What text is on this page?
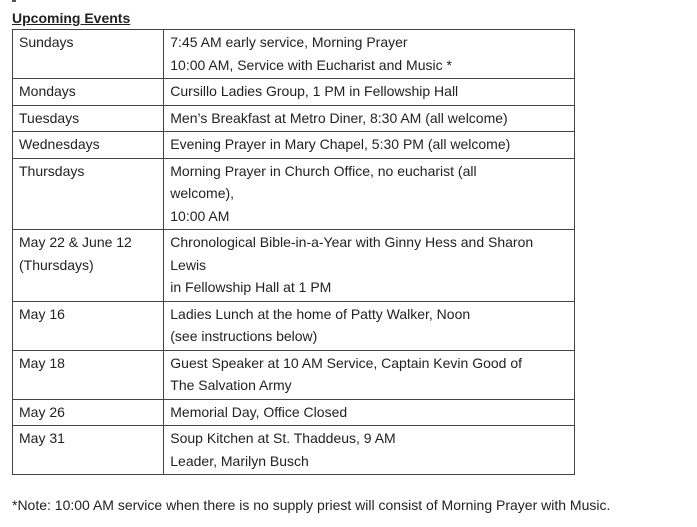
Upcoming Events
Sundays	7:45 AM early service, Morning Prayer
10:00 AM, Service with Eucharist and Music *

Mondays	Cursillo Ladies Group, 1 PM in Fellowship Hall

Tuesdays	Men’s Breakfast at Metro Diner, 8:30 AM (all welcome)

Wednesdays	Evening Prayer in Mary Chapel, 5:30 PM (all welcome)

Thursdays	Morning Prayer in Church Office, no eucharist (all
welcome),
10:00 AM

May 22 & June 12
(Thursdays)	Chronological Bible-in-a-Year with Ginny Hess and Sharon
Lewis
in Fellowship Hall at 1 PM

May 16	Ladies Lunch at the home of Patty Walker, Noon
(see instructions below)

May 18	Guest Speaker at 10 AM Service, Captain Kevin Good of
The Salvation Army

May 26	Memorial Day, Office Closed

May 31	Soup Kitchen at St. Thaddeus, 9 AM
Leader, Marilyn Busch
*Note: 10:00 AM service when there is no supply priest will consist of Morning Prayer with Music.
